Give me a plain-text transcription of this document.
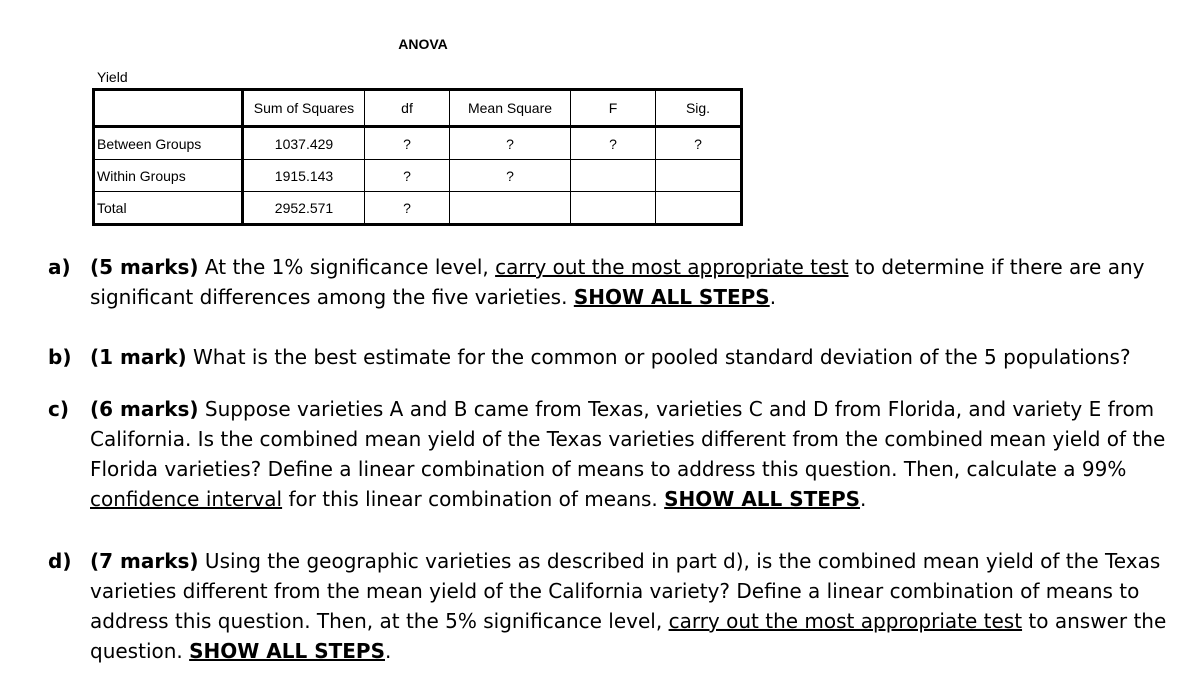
ANOVA
Yield
	Sum of Squares	df	Mean Square	F	Sig.
Between Groups	1037.429	?	?	?	?
Within Groups	1915.143	?	?		
Total	2952.571	?			
a) (5 marks) At the 1% significance level, carry out the most appropriate test to determine if there are any significant differences among the five varieties. SHOW ALL STEPS.
b) (1 mark) What is the best estimate for the common or pooled standard deviation of the 5 populations?
c) (6 marks) Suppose varieties A and B came from Texas, varieties C and D from Florida, and variety E from California. Is the combined mean yield of the Texas varieties different from the combined mean yield of the Florida varieties? Define a linear combination of means to address this question. Then, calculate a 99% confidence interval for this linear combination of means. SHOW ALL STEPS.
d) (7 marks) Using the geographic varieties as described in part d), is the combined mean yield of the Texas varieties different from the mean yield of the California variety? Define a linear combination of means to address this question. Then, at the 5% significance level, carry out the most appropriate test to answer the question. SHOW ALL STEPS.
